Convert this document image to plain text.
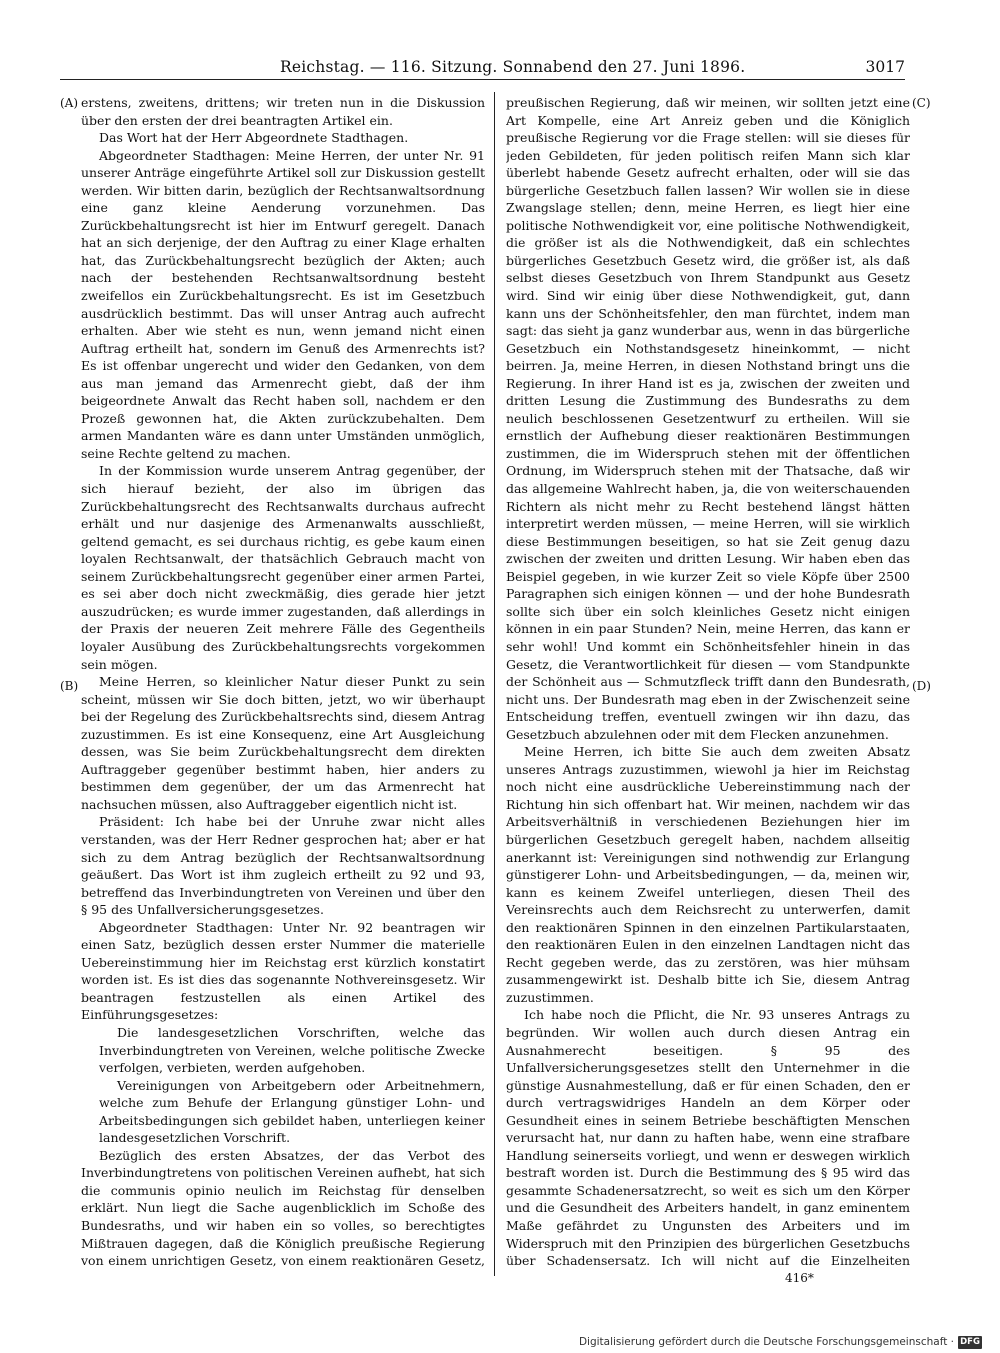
Reichstag. — 116. Sitzung. Sonnabend den 27. Juni 1896.	3017
(A)
(B)
(C)
(D)

erstens, zweitens, drittens; wir treten nun in die Diskussion über den ersten der drei beantragten Artikel ein.

Das Wort hat der Herr Abgeordnete Stadthagen.

Abgeordneter Stadthagen: Meine Herren, der unter Nr. 91 unserer Anträge eingeführte Artikel soll zur Diskussion gestellt werden. Wir bitten darin, bezüglich der Rechtsanwaltsordnung eine ganz kleine Aenderung vorzunehmen. Das Zurückbehaltungsrecht ist hier im Entwurf geregelt. Danach hat an sich derjenige, der den Auftrag zu einer Klage erhalten hat, das Zurückbehaltungsrecht bezüglich der Akten; auch nach der bestehenden Rechtsanwaltsordnung besteht zweifellos ein Zurückbehaltungsrecht. Es ist im Gesetzbuch ausdrücklich bestimmt. Das will unser Antrag auch aufrecht erhalten. Aber wie steht es nun, wenn jemand nicht einen Auftrag ertheilt hat, sondern im Genuß des Armenrechts ist? Es ist offenbar ungerecht und wider den Gedanken, von dem aus man jemand das Armenrecht giebt, daß der ihm beigeordnete Anwalt das Recht haben soll, nachdem er den Prozeß gewonnen hat, die Akten zurückzubehalten. Dem armen Mandanten wäre es dann unter Umständen unmöglich, seine Rechte geltend zu machen.

In der Kommission wurde unserem Antrag gegenüber, der sich hierauf bezieht, der also im übrigen das Zurückbehaltungsrecht des Rechtsanwalts durchaus aufrecht erhält und nur dasjenige des Armenanwalts ausschließt, geltend gemacht, es sei durchaus richtig, es gebe kaum einen loyalen Rechtsanwalt, der thatsächlich Gebrauch macht von seinem Zurückbehaltungsrecht gegenüber einer armen Partei, es sei aber doch nicht zweckmäßig, dies gerade hier jetzt auszudrücken; es wurde immer zugestanden, daß allerdings in der Praxis der neueren Zeit mehrere Fälle des Gegentheils loyaler Ausübung des Zurückbehaltungsrechts vorgekommen sein mögen.

Meine Herren, so kleinlicher Natur dieser Punkt zu sein scheint, müssen wir Sie doch bitten, jetzt, wo wir überhaupt bei der Regelung des Zurückbehaltsrechts sind, diesem Antrag zuzustimmen. Es ist eine Konsequenz, eine Art Ausgleichung dessen, was Sie beim Zurückbehaltungsrecht dem direkten Auftraggeber gegenüber bestimmt haben, hier anders zu bestimmen dem gegenüber, der um das Armenrecht hat nachsuchen müssen, also Auftraggeber eigentlich nicht ist.

Präsident: Ich habe bei der Unruhe zwar nicht alles verstanden, was der Herr Redner gesprochen hat; aber er hat sich zu dem Antrag bezüglich der Rechtsanwaltsordnung geäußert. Das Wort ist ihm zugleich ertheilt zu 92 und 93, betreffend das Inverbindungtreten von Vereinen und über den § 95 des Unfallversicherungsgesetzes.

Abgeordneter Stadthagen: Unter Nr. 92 beantragen wir einen Satz, bezüglich dessen erster Nummer die materielle Uebereinstimmung hier im Reichstag erst kürzlich konstatirt worden ist. Es ist dies das sogenannte Nothvereinsgesetz. Wir beantragen festzustellen als einen Artikel des Einführungsgesetzes:

Die landesgesetzlichen Vorschriften, welche das Inverbindungtreten von Vereinen, welche politische Zwecke verfolgen, verbieten, werden aufgehoben.

Vereinigungen von Arbeitgebern oder Arbeitnehmern, welche zum Behufe der Erlangung günstiger Lohn- und Arbeitsbedingungen sich gebildet haben, unterliegen keiner landesgesetzlichen Vorschrift.

Bezüglich des ersten Absatzes, der das Verbot des Inverbindungtretens von politischen Vereinen aufhebt, hat sich die communis opinio neulich im Reichstag für denselben erklärt. Nun liegt die Sache augenblicklich im Schoße des Bundesraths, und wir haben ein so volles, so berechtigtes Mißtrauen dagegen, daß die Königlich preußische Regierung von einem unrichtigen Gesetz, von einem reaktionären Gesetz,

preußischen Regierung, daß wir meinen, wir sollten jetzt eine Art Kompelle, eine Art Anreiz geben und die Königlich preußische Regierung vor die Frage stellen: will sie dieses für jeden Gebildeten, für jeden politisch reifen Mann sich klar überlebt habende Gesetz aufrecht erhalten, oder will sie das bürgerliche Gesetzbuch fallen lassen? Wir wollen sie in diese Zwangslage stellen; denn, meine Herren, es liegt hier eine politische Nothwendigkeit vor, eine politische Nothwendigkeit, die größer ist als die Nothwendigkeit, daß ein schlechtes bürgerliches Gesetzbuch Gesetz wird, die größer ist, als daß selbst dieses Gesetzbuch von Ihrem Standpunkt aus Gesetz wird. Sind wir einig über diese Nothwendigkeit, gut, dann kann uns der Schönheitsfehler, den man fürchtet, indem man sagt: das sieht ja ganz wunderbar aus, wenn in das bürgerliche Gesetzbuch ein Nothstandsgesetz hineinkommt, — nicht beirren. Ja, meine Herren, in diesen Nothstand bringt uns die Regierung. In ihrer Hand ist es ja, zwischen der zweiten und dritten Lesung die Zustimmung des Bundesraths zu dem neulich beschlossenen Gesetzentwurf zu ertheilen. Will sie ernstlich der Aufhebung dieser reaktionären Bestimmungen zustimmen, die im Widerspruch stehen mit der öffentlichen Ordnung, im Widerspruch stehen mit der Thatsache, daß wir das allgemeine Wahlrecht haben, ja, die von weiterschauenden Richtern als nicht mehr zu Recht bestehend längst hätten interpretirt werden müssen, — meine Herren, will sie wirklich diese Bestimmungen beseitigen, so hat sie Zeit genug dazu zwischen der zweiten und dritten Lesung. Wir haben eben das Beispiel gegeben, in wie kurzer Zeit so viele Köpfe über 2500 Paragraphen sich einigen können — und der hohe Bundesrath sollte sich über ein solch kleinliches Gesetz nicht einigen können in ein paar Stunden? Nein, meine Herren, das kann er sehr wohl! Und kommt ein Schönheitsfehler hinein in das Gesetz, die Verantwortlichkeit für diesen — vom Standpunkte der Schönheit aus — Schmutzfleck trifft dann den Bundesrath, nicht uns. Der Bundesrath mag eben in der Zwischenzeit seine Entscheidung treffen, eventuell zwingen wir ihn dazu, das Gesetzbuch abzulehnen oder mit dem Flecken anzunehmen.

Meine Herren, ich bitte Sie auch dem zweiten Absatz unseres Antrags zuzustimmen, wiewohl ja hier im Reichstag noch nicht eine ausdrückliche Uebereinstimmung nach der Richtung hin sich offenbart hat. Wir meinen, nachdem wir das Arbeitsverhältniß in verschiedenen Beziehungen hier im bürgerlichen Gesetzbuch geregelt haben, nachdem allseitig anerkannt ist: Vereinigungen sind nothwendig zur Erlangung günstigerer Lohn- und Arbeitsbedingungen, — da, meinen wir, kann es keinem Zweifel unterliegen, diesen Theil des Vereinsrechts auch dem Reichsrecht zu unterwerfen, damit den reaktionären Spinnen in den einzelnen Partikularstaaten, den reaktionären Eulen in den einzelnen Landtagen nicht das Recht gegeben werde, das zu zerstören, was hier mühsam zusammengewirkt ist. Deshalb bitte ich Sie, diesem Antrag zuzustimmen.

Ich habe noch die Pflicht, die Nr. 93 unseres Antrags zu begründen. Wir wollen auch durch diesen Antrag ein Ausnahmerecht beseitigen. § 95 des Unfallversicherungsgesetzes stellt den Unternehmer in die günstige Ausnahmestellung, daß er für einen Schaden, den er durch vertragswidriges Handeln an dem Körper oder Gesundheit eines in seinem Betriebe beschäftigten Menschen verursacht hat, nur dann zu haften habe, wenn eine strafbare Handlung seinerseits vorliegt, und wenn er deswegen wirklich bestraft worden ist. Durch die Bestimmung des § 95 wird das gesammte Schadenersatzrecht, so weit es sich um den Körper und die Gesundheit des Arbeiters handelt, in ganz eminentem Maße gefährdet zu Ungunsten des Arbeiters und im Widerspruch mit den Prinzipien des bürgerlichen Gesetzbuchs über Schadensersatz. Ich will nicht auf die Einzelheiten

416*
Digitalisierung gefördert durch die Deutsche Forschungsgemeinschaft · DFG
